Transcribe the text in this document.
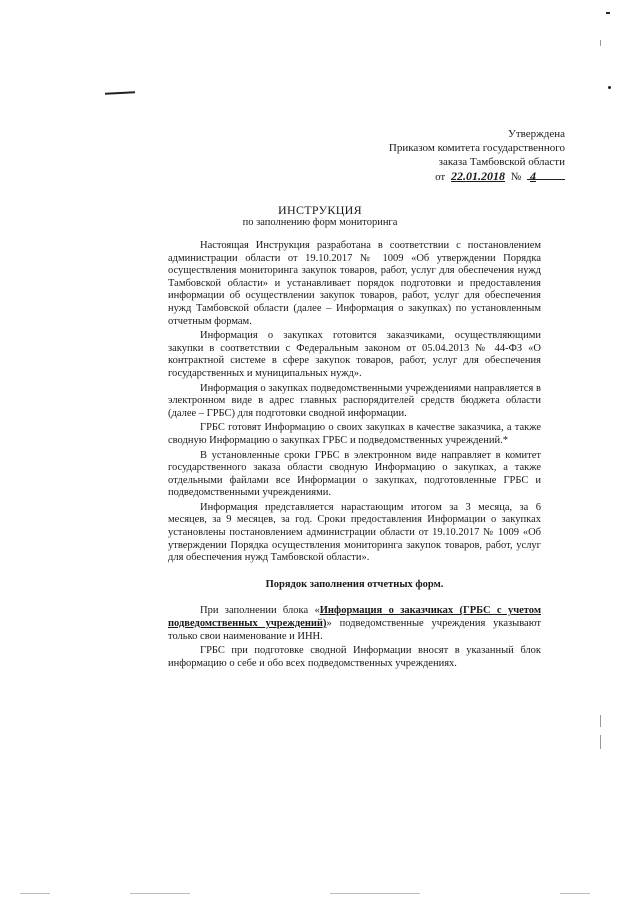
Утверждена
Приказом комитета государственного
заказа Тамбовской области
от 22.01.2018 № 4
ИНСТРУКЦИЯ
по заполнению форм мониторинга

Настоящая Инструкция разработана в соответствии с постановлением администрации области от 19.10.2017 № 1009 «Об утверждении Порядка осуществления мониторинга закупок товаров, работ, услуг для обеспечения нужд Тамбовской области» и устанавливает порядок подготовки и предоставления информации об осуществлении закупок товаров, работ, услуг для обеспечения нужд Тамбовской области (далее – Информация о закупках) по установленным отчетным формам.

Информация о закупках готовится заказчиками, осуществляющими закупки в соответствии с Федеральным законом от 05.04.2013 № 44-ФЗ «О контрактной системе в сфере закупок товаров, работ, услуг для обеспечения государственных и муниципальных нужд».

Информация о закупках подведомственными учреждениями направляется в электронном виде в адрес главных распорядителей средств бюджета области (далее – ГРБС) для подготовки сводной информации.

ГРБС готовят Информацию о своих закупках в качестве заказчика, а также сводную Информацию о закупках ГРБС и подведомственных учреждений.*

В установленные сроки ГРБС в электронном виде направляет в комитет государственного заказа области сводную Информацию о закупках, а также отдельными файлами все Информации о закупках, подготовленные ГРБС и подведомственными учреждениями.

Информация представляется нарастающим итогом за 3 месяца, за 6 месяцев, за 9 месяцев, за год. Сроки предоставления Информации о закупках установлены постановлением администрации области от 19.10.2017 № 1009 «Об утверждении Порядка осуществления мониторинга закупок товаров, работ, услуг для обеспечения нужд Тамбовской области».

Порядок заполнения отчетных форм.

При заполнении блока «Информация о заказчиках (ГРБС с учетом подведомственных учреждений)» подведомственные учреждения указывают только свои наименование и ИНН.

ГРБС при подготовке сводной Информации вносят в указанный блок информацию о себе и обо всех подведомственных учреждениях.
